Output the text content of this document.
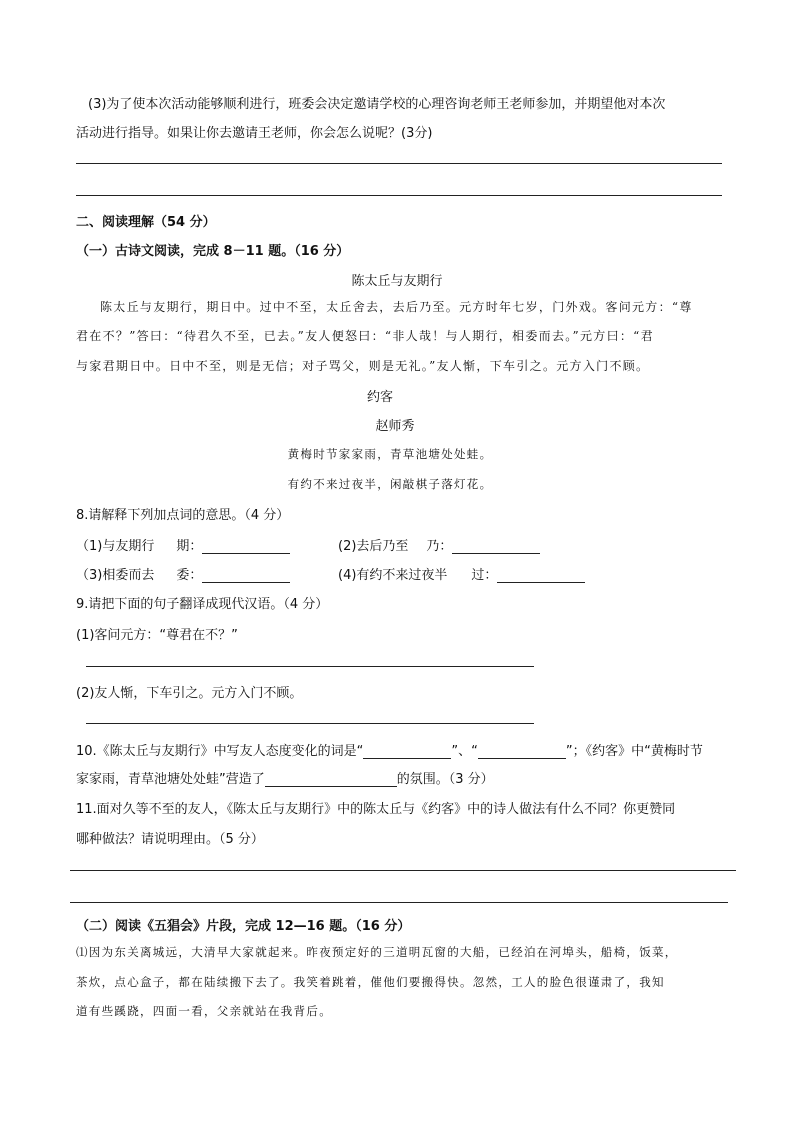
(3)为了使本次活动能够顺利进行，班委会决定邀请学校的心理咨询老师王老师参加，并期望他对本次
活动进行指导。如果让你去邀请王老师，你会怎么说呢？(3分)
二、阅读理解（54 分）
（一）古诗文阅读，完成 8－11 题。（16 分）
陈太丘与友期行
陈太丘与友期行，期日中。过中不至，太丘舍去，去后乃至。元方时年七岁，门外戏。客问元方：“尊
君在不？”答曰：“待君久不至，已去。”友人便怒曰：“非人哉！与人期行，相委而去。”元方曰：“君
与家君期日中。日中不至，则是无信；对子骂父，则是无礼。”友人惭，下车引之。元方入门不顾。
约客
赵师秀
黄梅时节家家雨，青草池塘处处蛙。
有约不来过夜半，闲敲棋子落灯花。
8.请解释下列加点词的意思。（4 分）
（1)与友期行 期：	(2)去后乃至 乃：
（3)相委而去 委：	(4)有约不来过夜半 过：
9.请把下面的句子翻译成现代汉语。（4 分）
(1)客问元方：“尊君在不？”
(2)友人惭，下车引之。元方入门不顾。
10.《陈太丘与友期行》中写友人态度变化的词是“	”、“	”；《约客》中“黄梅时节
家家雨，青草池塘处处蛙”营造了	的氛围。（3 分）
11.面对久等不至的友人，《陈太丘与友期行》中的陈太丘与《约客》中的诗人做法有什么不同？你更赞同
哪种做法？请说明理由。（5 分）
（二）阅读《五猖会》片段，完成 12—16 题。（16 分）
⑴因为东关离城远，大清早大家就起来。昨夜预定好的三道明瓦窗的大船，已经泊在河埠头，船椅，饭菜，
茶炊，点心盒子，都在陆续搬下去了。我笑着跳着，催他们要搬得快。忽然，工人的脸色很谨肃了，我知
道有些蹊跷，四面一看，父亲就站在我背后。
